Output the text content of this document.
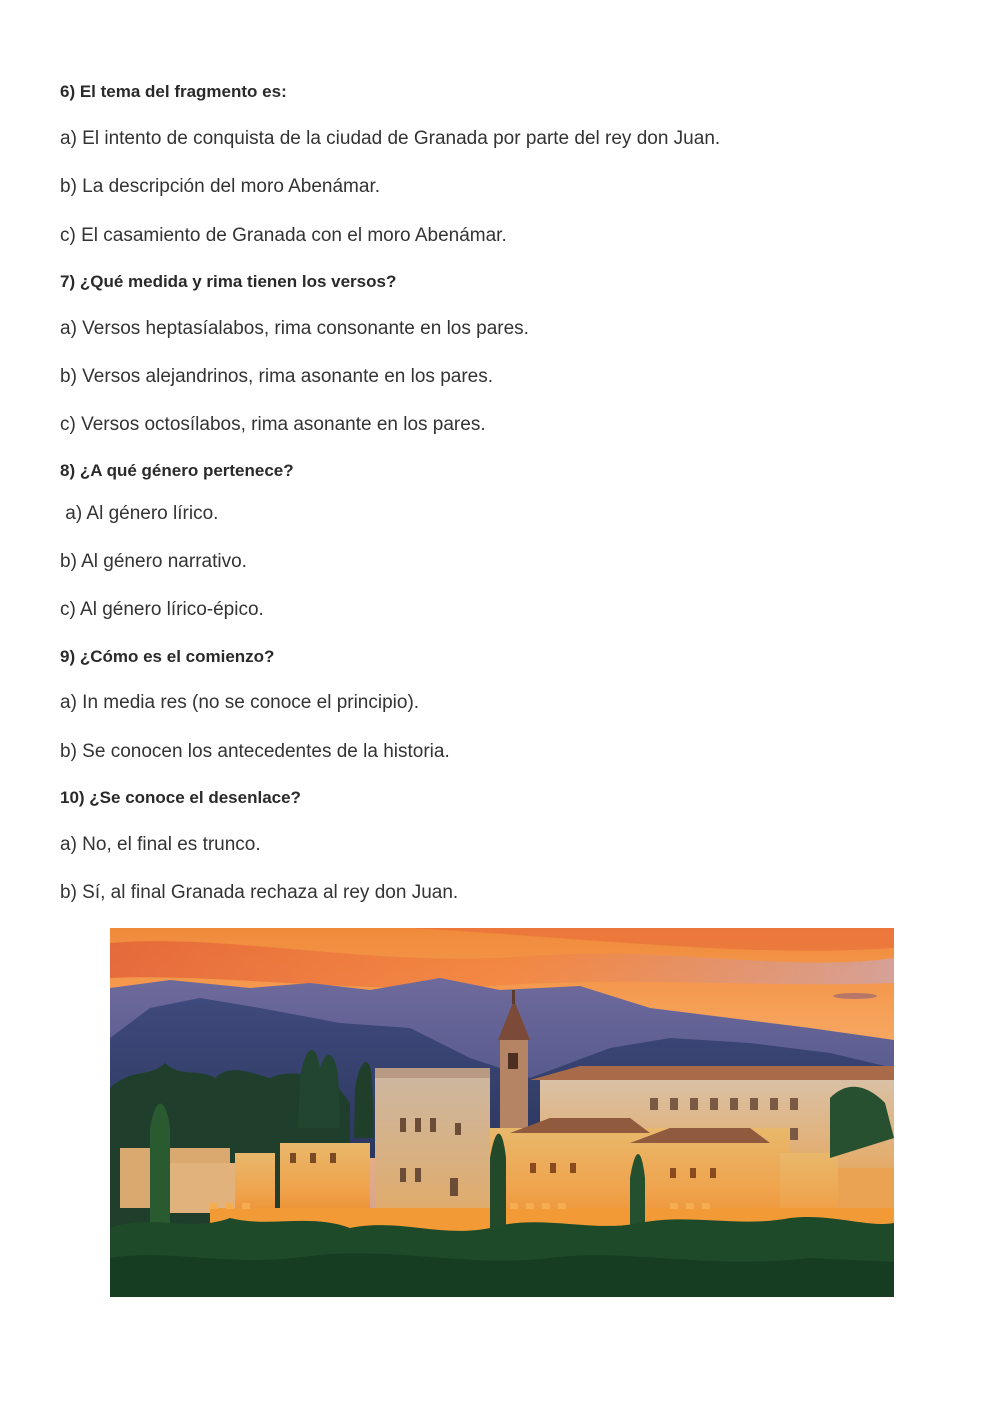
6) El tema del fragmento es:

a) El intento de conquista de la ciudad de Granada por parte del rey don Juan.

b) La descripción del moro Abenámar.

c) El casamiento de Granada con el moro Abenámar.

7) ¿Qué medida y rima tienen los versos?

a) Versos heptasíalabos, rima consonante en los pares.

b) Versos alejandrinos, rima asonante en los pares.

c) Versos octosílabos, rima asonante en los pares.

8) ¿A qué género pertenece?

a) Al género lírico.

b) Al género narrativo.

c) Al género lírico-épico.

9) ¿Cómo es el comienzo?

a) In media res (no se conoce el principio).

b) Se conocen los antecedentes de la historia.

10) ¿Se conoce el desenlace?

a) No, el final es trunco.

b) Sí, al final Granada rechaza al rey don Juan.
